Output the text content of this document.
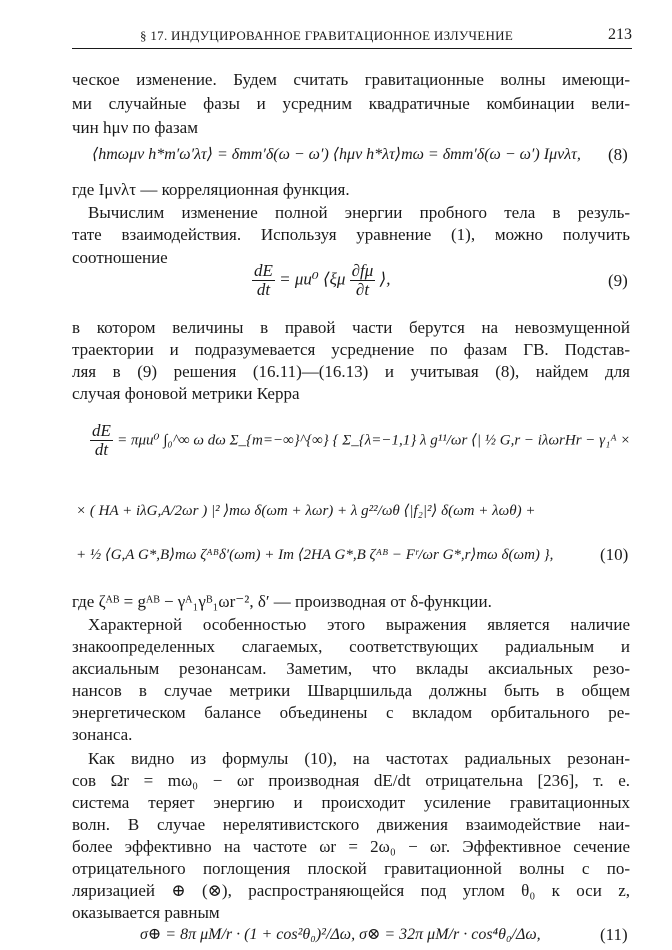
§ 17. ИНДУЦИРОВАННОЕ ГРАВИТАЦИОННОЕ ИЗЛУЧЕНИЕ	213
ческое изменение. Будем считать гравитационные волны имеющи-
ми случайные фазы и усредним квадратичные комбинации вели-
чин hμν по фазам
⟨hmωμν h*m′ω′λτ⟩ = δmm′δ(ω − ω′) ⟨hμν h*λτ⟩mω = δmm′δ(ω − ω′) Iμνλτ, (8)
где Iμνλτ — корреляционная функция.
Вычислим изменение полной энергии пробного тела в резуль-
тате взаимодействия. Используя уравнение (1), можно получить
соотношение
$\frac{dE}{dt} = \mu u^0$ ⟨ξμ $\frac{\partial f\mu}{\partial t}$ ⟩,	(9)
в котором величины в правой части берутся на невозмущенной
траектории и подразумевается усреднение по фазам ГВ. Подстав-
ляя в (9) решения (16.11)—(16.13) и учитывая (8), найдем для
случая фоновой метрики Керра
$\frac{dE}{dt} = \pi\mu u^0$ ∫₀^∞ ω dω Σ_{m=−∞}^{∞} { Σ_{λ=−1,1} λ g¹¹/ωr ⟨| ½ G,r − iλωrHr − γ₁ᴬ ×
× ( HA + iλG,A/2ωr ) |² ⟩mω δ(ωm + λωr) + λ g²²/ωθ ⟨|f₂|²⟩ δ(ωm + λωθ) +
+ ½ ⟨G,A G*,B⟩mω ζᴬᴮδ′(ωm) + Im ⟨2HA G*,B ζᴬᴮ − Fʳ/ωr G*,r⟩mω δ(ωm) },	(10)
где ζᴬᴮ = gᴬᴮ − γᴬ₁γᴮ₁ωr⁻², δ′ — производная от δ-функции.
Характерной особенностью этого выражения является наличие
знакоопределенных слагаемых, соответствующих радиальным и
аксиальным резонансам. Заметим, что вклады аксиальных резо-
нансов в случае метрики Шварцшильда должны быть в общем
энергетическом балансе объединены с вкладом орбитального ре-
зонанса.
Как видно из формулы (10), на частотах радиальных резонан-
сов Ωr = mω₀ − ωr производная dE/dt отрицательна [236], т. е.
система теряет энергию и происходит усиление гравитационных
волн. В случае нерелятивистского движения взаимодействие наи-
более эффективно на частоте ωr = 2ω₀ − ωr. Эффективное сечение
отрицательного поглощения плоской гравитационной волны с по-
ляризацией ⊕ (⊗), распространяющейся под углом θ₀ к оси z,
оказывается равным
σ⊕ = 8π μM/r · (1 + cos²θ₀)²/Δω, σ⊗ = 32π μM/r · cos⁴θ₀/Δω,	(11)
